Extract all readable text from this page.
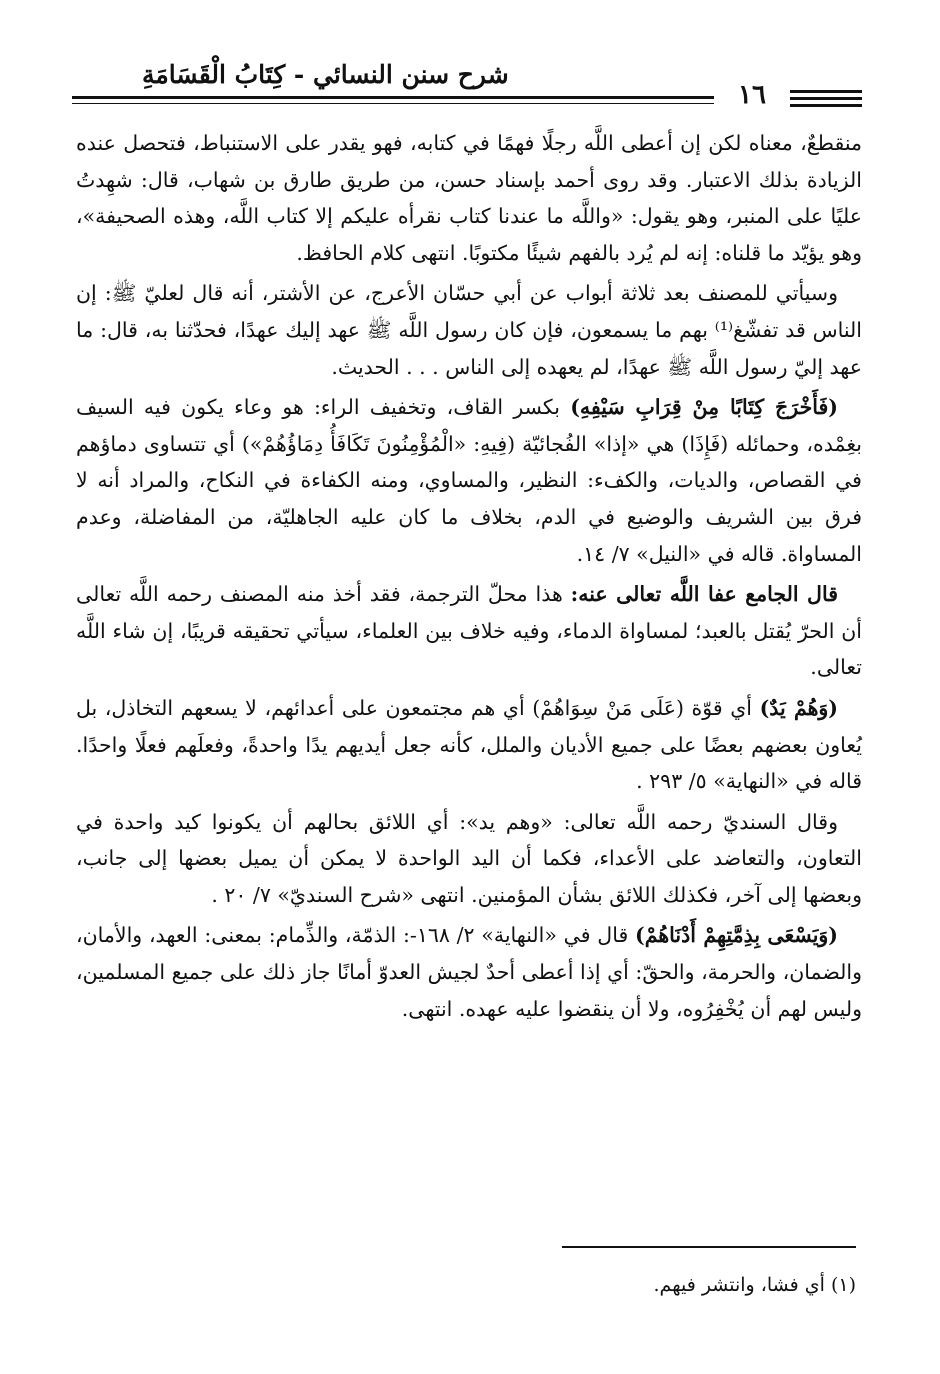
شرح سنن النسائي - كِتَابُ الْقَسَامَةِ
١٦

منقطعٌ، معناه لكن إن أعطى اللَّه رجلًا فهمًا في كتابه، فهو يقدر على الاستنباط، فتحصل عنده الزيادة بذلك الاعتبار. وقد روى أحمد بإسناد حسن، من طريق طارق بن شهاب، قال: شهِدتُ عليًا على المنبر، وهو يقول: «واللَّه ما عندنا كتاب نقرأه عليكم إلا كتاب اللَّه، وهذه الصحيفة»، وهو يؤيّد ما قلناه: إنه لم يُرد بالفهم شيئًا مكتوبًا. انتهى كلام الحافظ.

وسيأتي للمصنف بعد ثلاثة أبواب عن أبي حسّان الأعرج، عن الأشتر، أنه قال لعليّ ﷺ: إن الناس قد تفشّغ⁽¹⁾ بهم ما يسمعون، فإن كان رسول اللَّه ﷺ عهد إليك عهدًا، فحدّثنا به، قال: ما عهد إليّ رسول اللَّه ﷺ عهدًا، لم يعهده إلى الناس . . . الحديث.

(فَأَخْرَجَ كِتَابًا مِنْ قِرَابِ سَيْفِهِ) بكسر القاف، وتخفيف الراء: هو وعاء يكون فيه السيف بغِمْده، وحمائله (فَإِذَا) هي «إذا» الفُجائيّة (فِيهِ: «الْمُؤْمِنُونَ تَكَافَأُ دِمَاؤُهُمْ») أي تتساوى دماؤهم في القصاص، والديات، والكفء: النظير، والمساوي، ومنه الكفاءة في النكاح، والمراد أنه لا فرق بين الشريف والوضيع في الدم، بخلاف ما كان عليه الجاهليّة، من المفاضلة، وعدم المساواة. قاله في «النيل» ٧/ ١٤.

قال الجامع عفا اللَّه تعالى عنه: هذا محلّ الترجمة، فقد أخذ منه المصنف رحمه اللَّه تعالى أن الحرّ يُقتل بالعبد؛ لمساواة الدماء، وفيه خلاف بين العلماء، سيأتي تحقيقه قريبًا، إن شاء اللَّه تعالى.

(وَهُمْ يَدٌ) أي قوّة (عَلَى مَنْ سِوَاهُمْ) أي هم مجتمعون على أعدائهم، لا يسعهم التخاذل، بل يُعاون بعضهم بعضًا على جميع الأديان والملل، كأنه جعل أيديهم يدًا واحدةً، وفعلَهم فعلًا واحدًا. قاله في «النهاية» ٥/ ٢٩٣ .

وقال السنديّ رحمه اللَّه تعالى: «وهم يد»: أي اللائق بحالهم أن يكونوا كيد واحدة في التعاون، والتعاضد على الأعداء، فكما أن اليد الواحدة لا يمكن أن يميل بعضها إلى جانب، وبعضها إلى آخر، فكذلك اللائق بشأن المؤمنين. انتهى «شرح السنديّ» ٧/ ٢٠ .

(وَيَسْعَى بِذِمَّتِهِمْ أَدْنَاهُمْ) قال في «النهاية» ٢/ ١٦٨-: الذمّة، والذِّمام: بمعنى: العهد، والأمان، والضمان، والحرمة، والحقّ: أي إذا أعطى أحدٌ لجيش العدوّ أمانًا جاز ذلك على جميع المسلمين، وليس لهم أن يُخْفِرُوه، ولا أن ينقضوا عليه عهده. انتهى.

(١) أي فشا، وانتشر فيهم.
